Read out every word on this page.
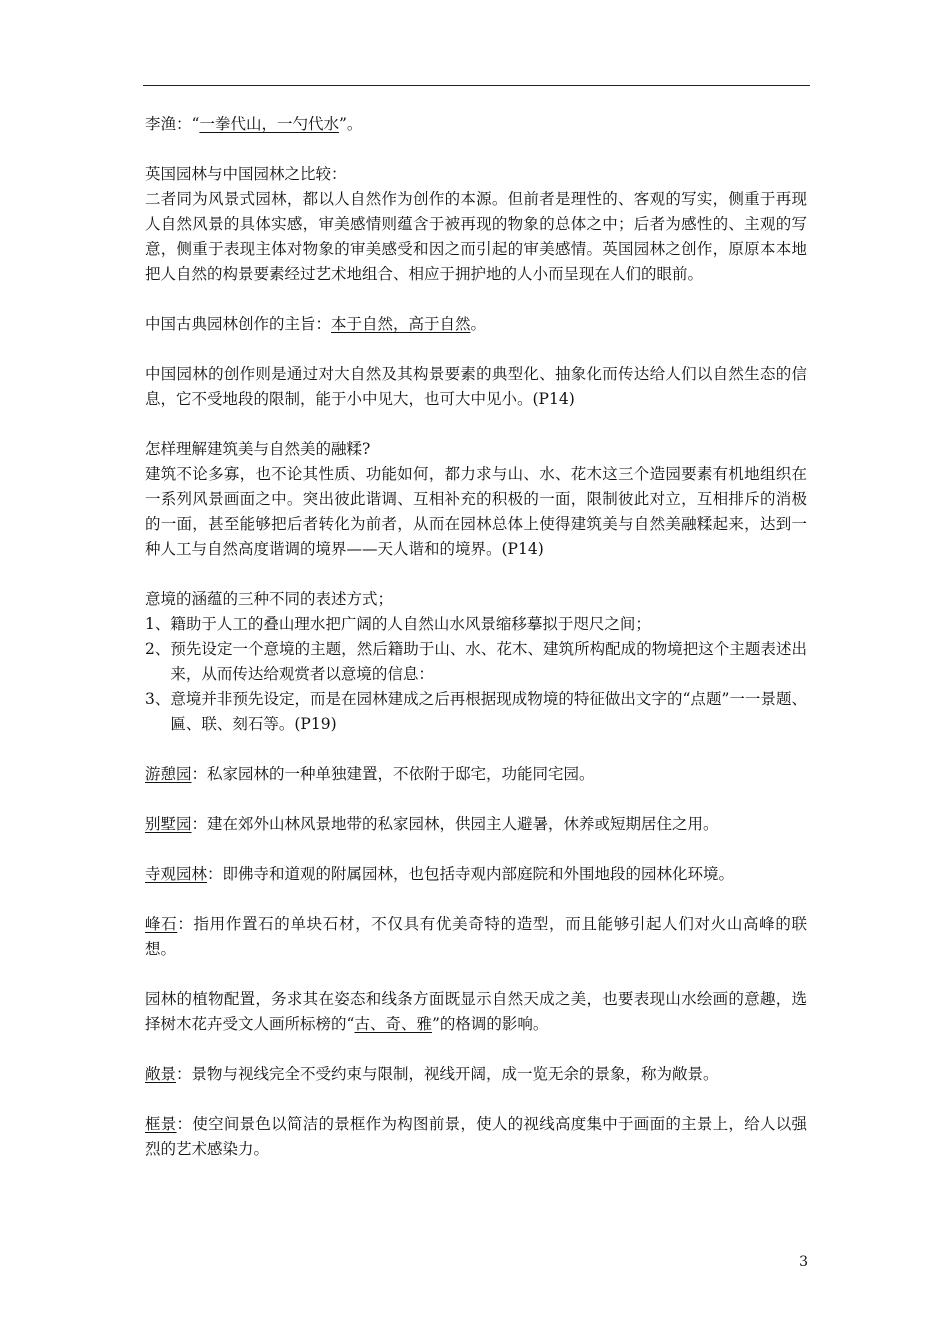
李渔：“一拳代山，一勺代水”。

英国园林与中国园林之比较：

二者同为风景式园林，都以人自然作为创作的本源。但前者是理性的、客观的写实，侧重于再现人自然风景的具体实感，审美感情则蕴含于被再现的物象的总体之中；后者为感性的、主观的写意，侧重于表现主体对物象的审美感受和因之而引起的审美感情。英国园林之创作，原原本本地把人自然的构景要素经过艺术地组合、相应于拥护地的人小而呈现在人们的眼前。

中国古典园林创作的主旨：本于自然，高于自然。

中国园林的创作则是通过对大自然及其构景要素的典型化、抽象化而传达给人们以自然生态的信息，它不受地段的限制，能于小中见大，也可大中见小。(P14)

怎样理解建筑美与自然美的融糅?

建筑不论多寡，也不论其性质、功能如何，都力求与山、水、花木这三个造园要素有机地组织在一系列风景画面之中。突出彼此谐调、互相补充的积极的一面，限制彼此对立，互相排斥的消极的一面，甚至能够把后者转化为前者，从而在园林总体上使得建筑美与自然美融糅起来，达到一种人工与自然高度谐调的境界——天人谐和的境界。(P14)

意境的涵蕴的三种不同的表述方式；

1、 籍助于人工的叠山理水把广阔的人自然山水风景缩移摹拟于咫尺之间；
2、 预先设定一个意境的主题，然后籍助于山、水、花木、建筑所构配成的物境把这个主题表述出来，从而传达给观赏者以意境的信息：
3、 意境并非预先设定，而是在园林建成之后再根据现成物境的特征做出文字的“点题”一一景题、匾、联、刻石等。(P19)

游憩园：私家园林的一种单独建置，不依附于邸宅，功能同宅园。

别墅园：建在郊外山林风景地带的私家园林，供园主人避暑，休养或短期居住之用。

寺观园林：即佛寺和道观的附属园林，也包括寺观内部庭院和外围地段的园林化环境。

峰石：指用作置石的单块石材，不仅具有优美奇特的造型，而且能够引起人们对火山高峰的联想。

园林的植物配置，务求其在姿态和线条方面既显示自然天成之美，也要表现山水绘画的意趣，选择树木花卉受文人画所标榜的“古、奇、雅”的格调的影响。

敞景：景物与视线完全不受约束与限制，视线开阔，成一览无余的景象，称为敞景。

框景：使空间景色以简洁的景框作为构图前景，使人的视线高度集中于画面的主景上，给人以强烈的艺术感染力。

3
